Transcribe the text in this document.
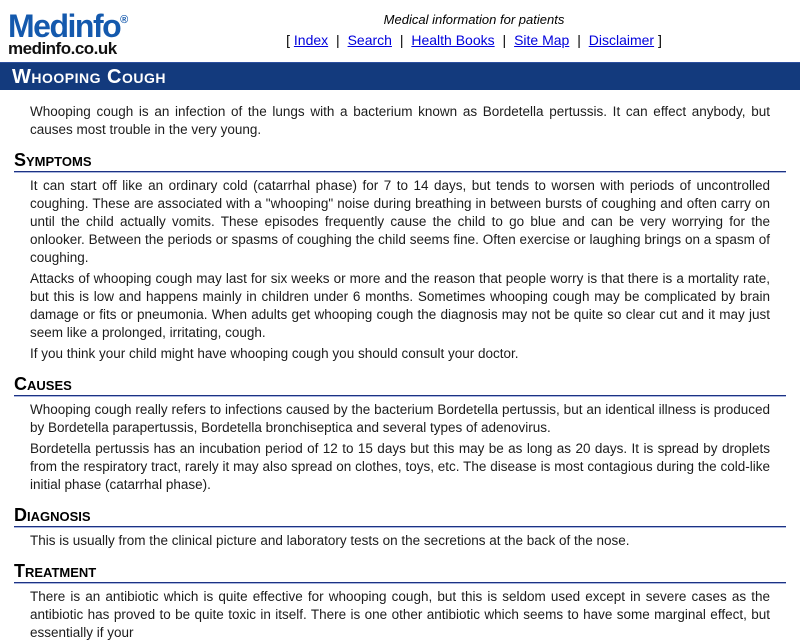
Medinfo®
medinfo.co.uk
Medical information for patients
[ Index | Search | Health Books | Site Map | Disclaimer ]
Whooping Cough

Whooping cough is an infection of the lungs with a bacterium known as Bordetella pertussis. It can effect anybody, but causes most trouble in the very young.

Symptoms

It can start off like an ordinary cold (catarrhal phase) for 7 to 14 days, but tends to worsen with periods of uncontrolled coughing. These are associated with a "whooping" noise during breathing in between bursts of coughing and often carry on until the child actually vomits. These episodes frequently cause the child to go blue and can be very worrying for the onlooker. Between the periods or spasms of coughing the child seems fine. Often exercise or laughing brings on a spasm of coughing.

Attacks of whooping cough may last for six weeks or more and the reason that people worry is that there is a mortality rate, but this is low and happens mainly in children under 6 months. Sometimes whooping cough may be complicated by brain damage or fits or pneumonia. When adults get whooping cough the diagnosis may not be quite so clear cut and it may just seem like a prolonged, irritating, cough.

If you think your child might have whooping cough you should consult your doctor.

Causes

Whooping cough really refers to infections caused by the bacterium Bordetella pertussis, but an identical illness is produced by Bordetella parapertussis, Bordetella bronchiseptica and several types of adenovirus.

Bordetella pertussis has an incubation period of 12 to 15 days but this may be as long as 20 days. It is spread by droplets from the respiratory tract, rarely it may also spread on clothes, toys, etc. The disease is most contagious during the cold-like initial phase (catarrhal phase).

Diagnosis

This is usually from the clinical picture and laboratory tests on the secretions at the back of the nose.

Treatment

There is an antibiotic which is quite effective for whooping cough, but this is seldom used except in severe cases as the antibiotic has proved to be quite toxic in itself. There is one other antibiotic which seems to have some marginal effect, but essentially if your
